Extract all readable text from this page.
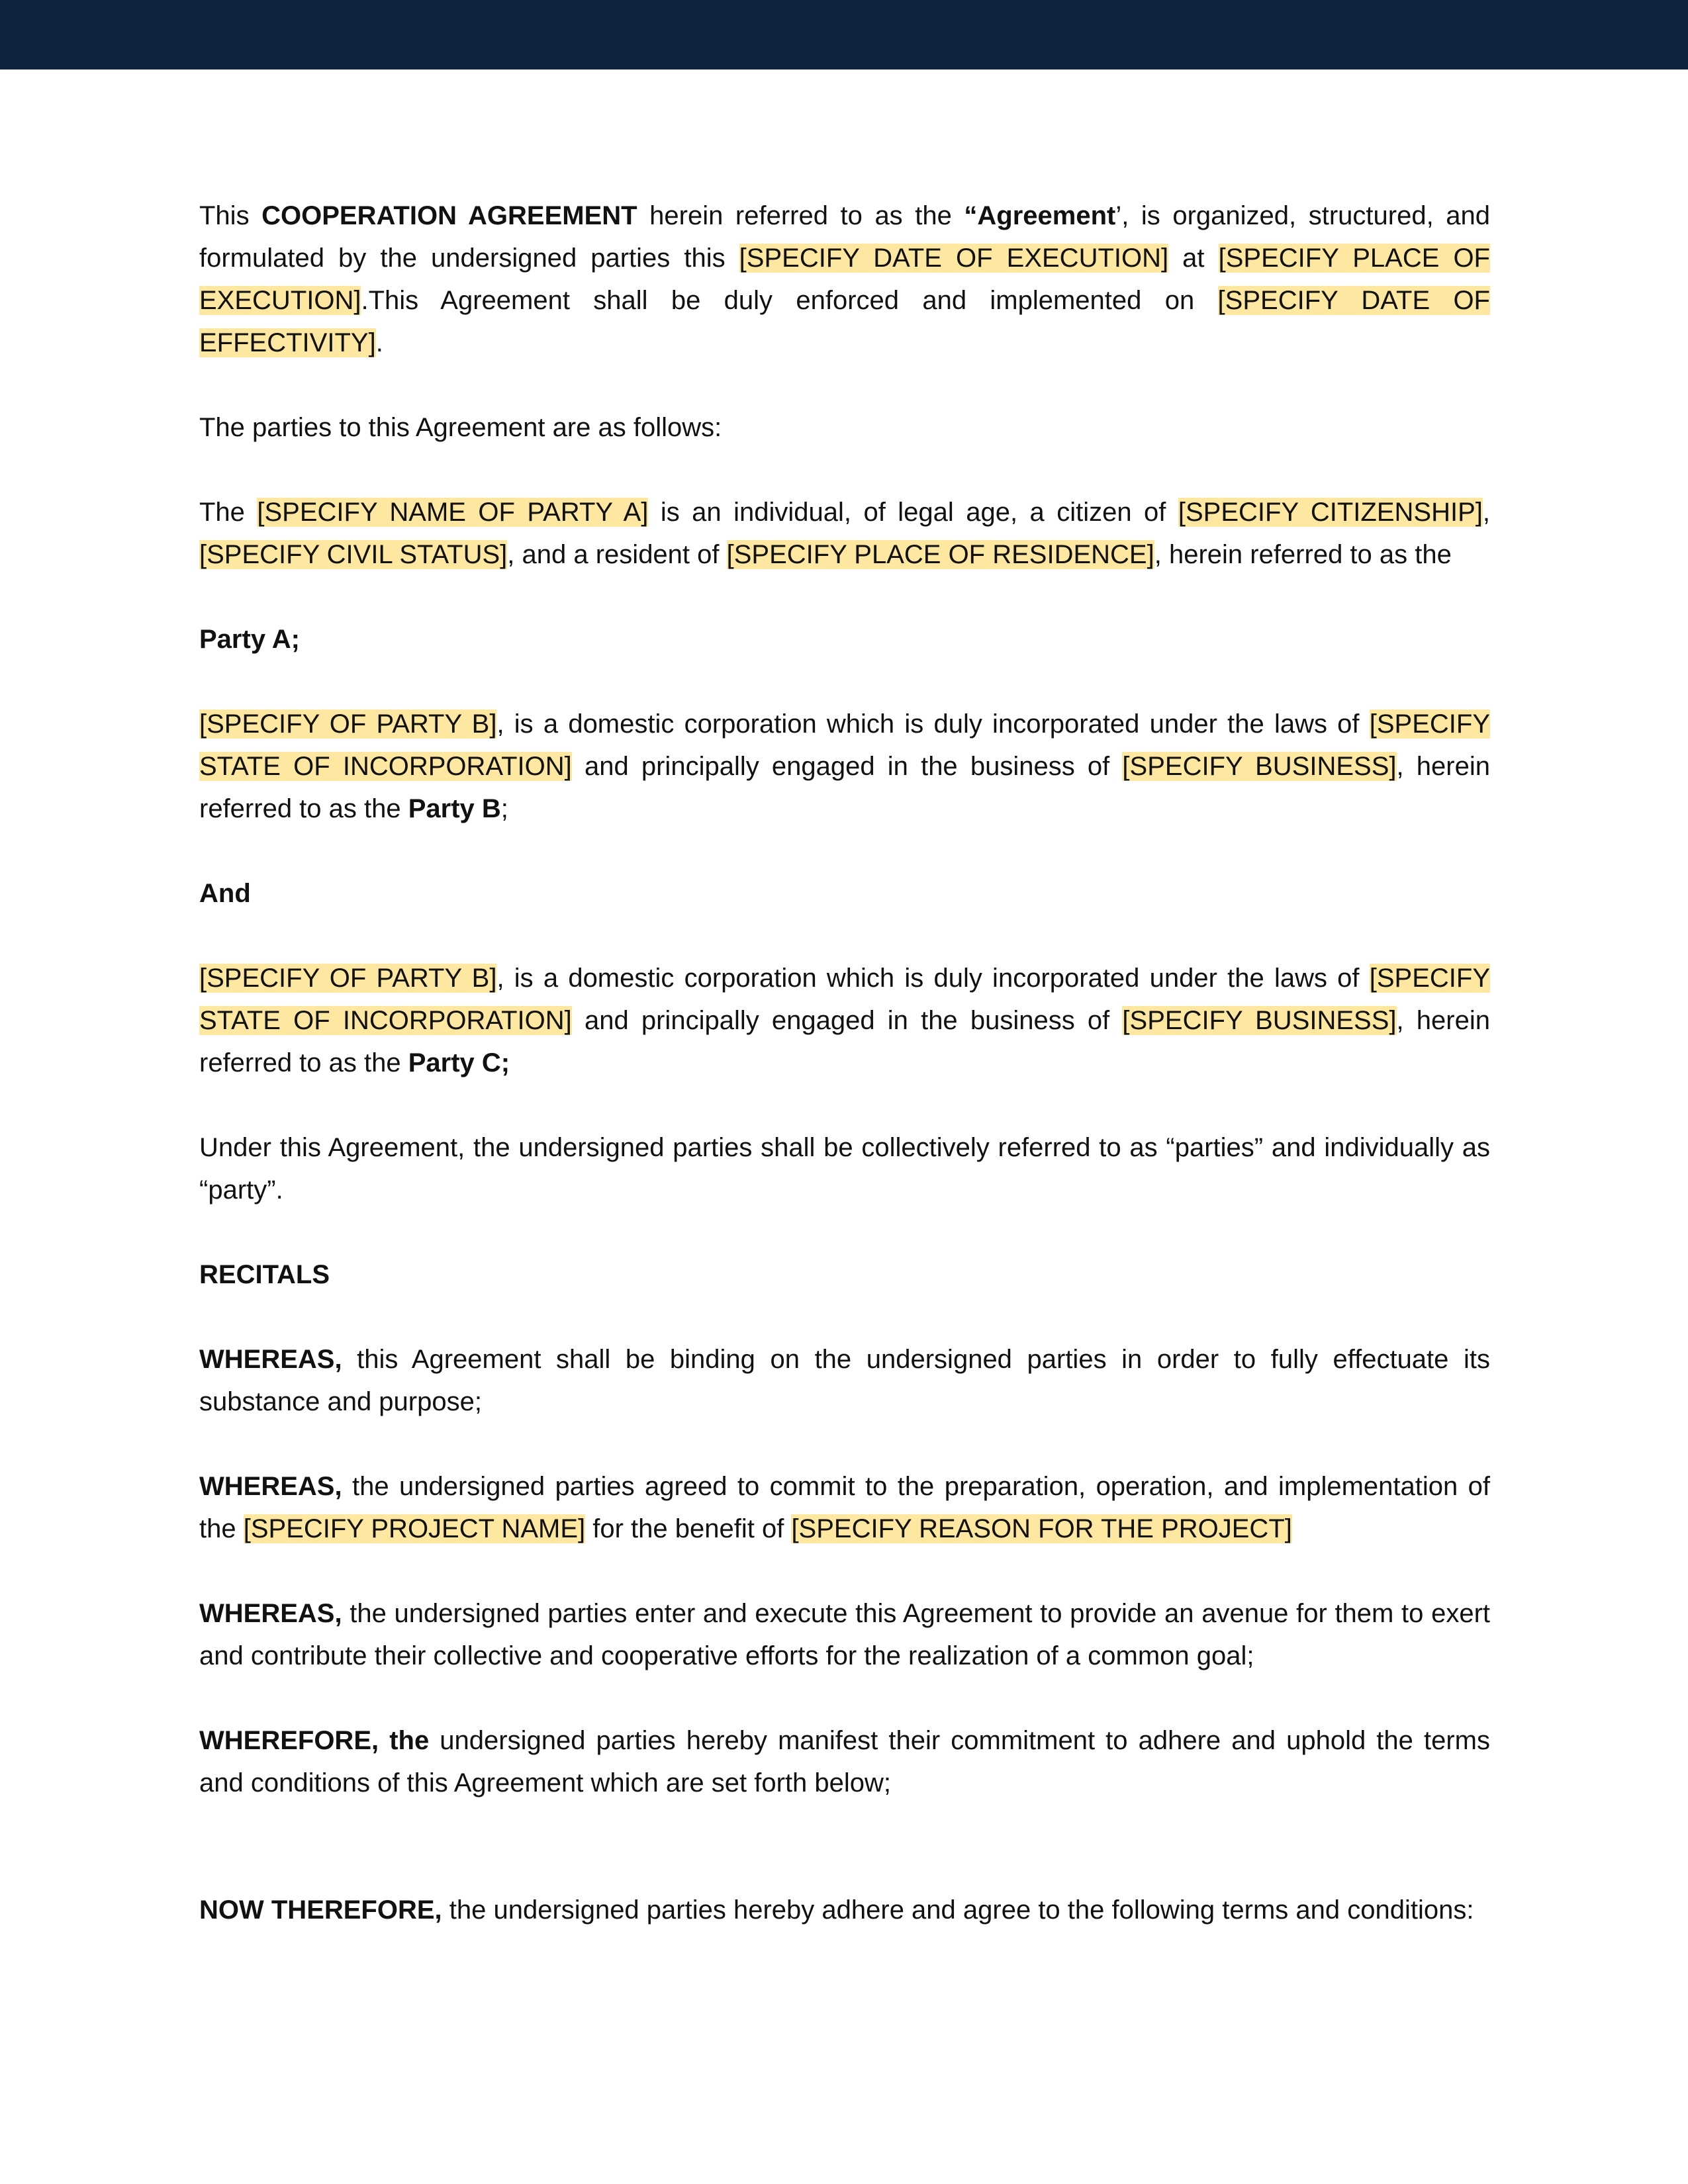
This COOPERATION AGREEMENT herein referred to as the “Agreement’, is organized, structured, and formulated by the undersigned parties this [SPECIFY DATE OF EXECUTION] at [SPECIFY PLACE OF EXECUTION].This Agreement shall be duly enforced and implemented on [SPECIFY DATE OF EFFECTIVITY].

The parties to this Agreement are as follows:

The [SPECIFY NAME OF PARTY A] is an individual, of legal age, a citizen of [SPECIFY CITIZENSHIP], [SPECIFY CIVIL STATUS], and a resident of [SPECIFY PLACE OF RESIDENCE], herein referred to as the

Party A;

[SPECIFY OF PARTY B], is a domestic corporation which is duly incorporated under the laws of [SPECIFY STATE OF INCORPORATION] and principally engaged in the business of [SPECIFY BUSINESS], herein referred to as the Party B;

And

[SPECIFY OF PARTY B], is a domestic corporation which is duly incorporated under the laws of [SPECIFY STATE OF INCORPORATION] and principally engaged in the business of [SPECIFY BUSINESS], herein referred to as the Party C;

Under this Agreement, the undersigned parties shall be collectively referred to as “parties” and individually as “party”.

RECITALS

WHEREAS, this Agreement shall be binding on the undersigned parties in order to fully effectuate its substance and purpose;

WHEREAS, the undersigned parties agreed to commit to the preparation, operation, and implementation of the [SPECIFY PROJECT NAME] for the benefit of [SPECIFY REASON FOR THE PROJECT]

WHEREAS, the undersigned parties enter and execute this Agreement to provide an avenue for them to exert and contribute their collective and cooperative efforts for the realization of a common goal;

WHEREFORE, the undersigned parties hereby manifest their commitment to adhere and uphold the terms and conditions of this Agreement which are set forth below;

NOW THEREFORE, the undersigned parties hereby adhere and agree to the following terms and conditions:
